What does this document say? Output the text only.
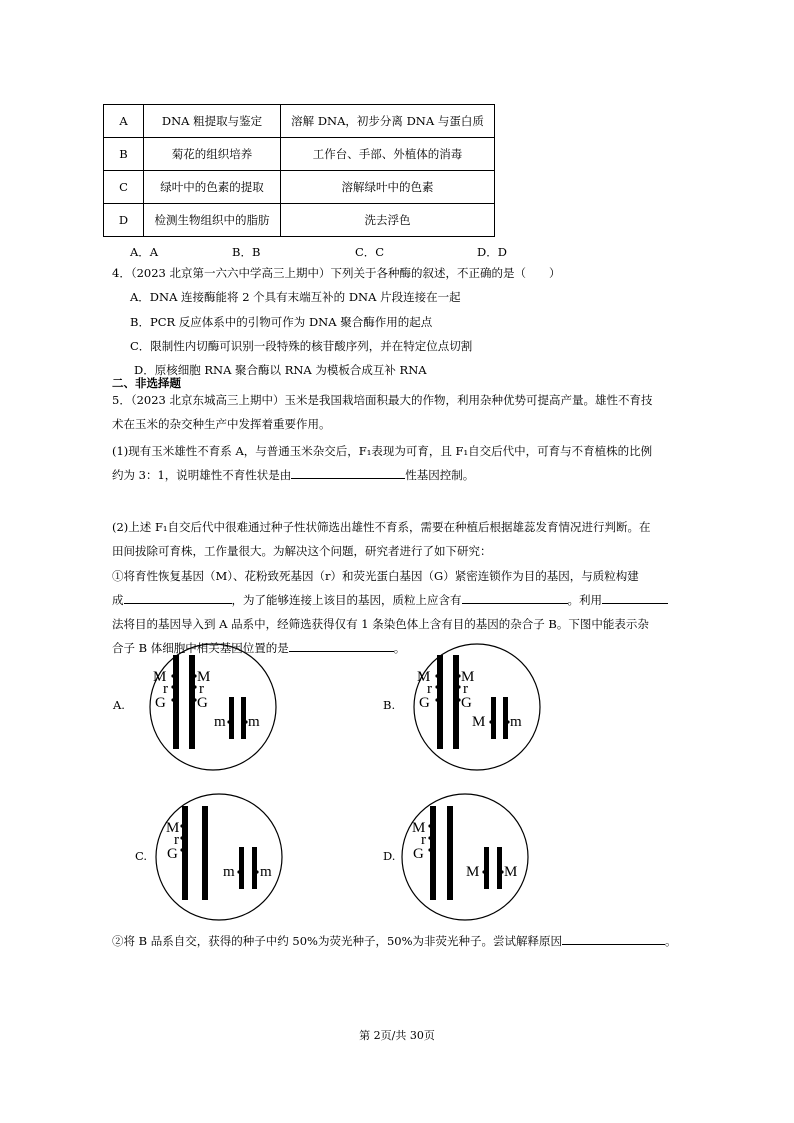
A	DNA 粗提取与鉴定	溶解 DNA，初步分离 DNA 与蛋白质
B	菊花的组织培养	工作台、手部、外植体的消毒
C	绿叶中的色素的提取	溶解绿叶中的色素
D	检测生物组织中的脂肪	洗去浮色
A．A	B．B	C．C	D．D
4．（2023 北京第一六六中学高三上期中）下列关于各种酶的叙述，不正确的是（　　）
A．DNA 连接酶能将 2 个具有末端互补的 DNA 片段连接在一起
B．PCR 反应体系中的引物可作为 DNA 聚合酶作用的起点
C．限制性内切酶可识别一段特殊的核苷酸序列，并在特定位点切割
D．原核细胞 RNA 聚合酶以 RNA 为模板合成互补 RNA
二、非选择题
5．（2023 北京东城高三上期中）玉米是我国栽培面积最大的作物，利用杂种优势可提高产量。雄性不育技
术在玉米的杂交种生产中发挥着重要作用。
(1)现有玉米雄性不育系 A，与普通玉米杂交后，F₁表现为可育，且 F₁自交后代中，可育与不育植株的比例
约为 3：1，说明雄性不育性状是由	性基因控制。
(2)上述 F₁自交后代中很难通过种子性状筛选出雄性不育系，需要在种植后根据雄蕊发育情况进行判断。在
田间拔除可育株，工作量很大。为解决这个问题，研究者进行了如下研究：
①将育性恢复基因（M）、花粉致死基因（r）和荧光蛋白基因（G）紧密连锁作为目的基因，与质粒构建
成	，为了能够连接上该目的基因，质粒上应含有	。利用
法将目的基因导入到 A 品系中，经筛选获得仅有 1 条染色体上含有目的基因的杂合子 B。下图中能表示杂
合子 B 体细胞中相关基因位置的是	。
A.
M
r
G
M
r
G
m m
B.
M
r
G
M
r
G
M m
C.
M
r
G
m m
D.
M
r
G
M M
②将 B 品系自交，获得的种子中约 50%为荧光种子，50%为非荧光种子。尝试解释原因	。
第 2页/共 30页
